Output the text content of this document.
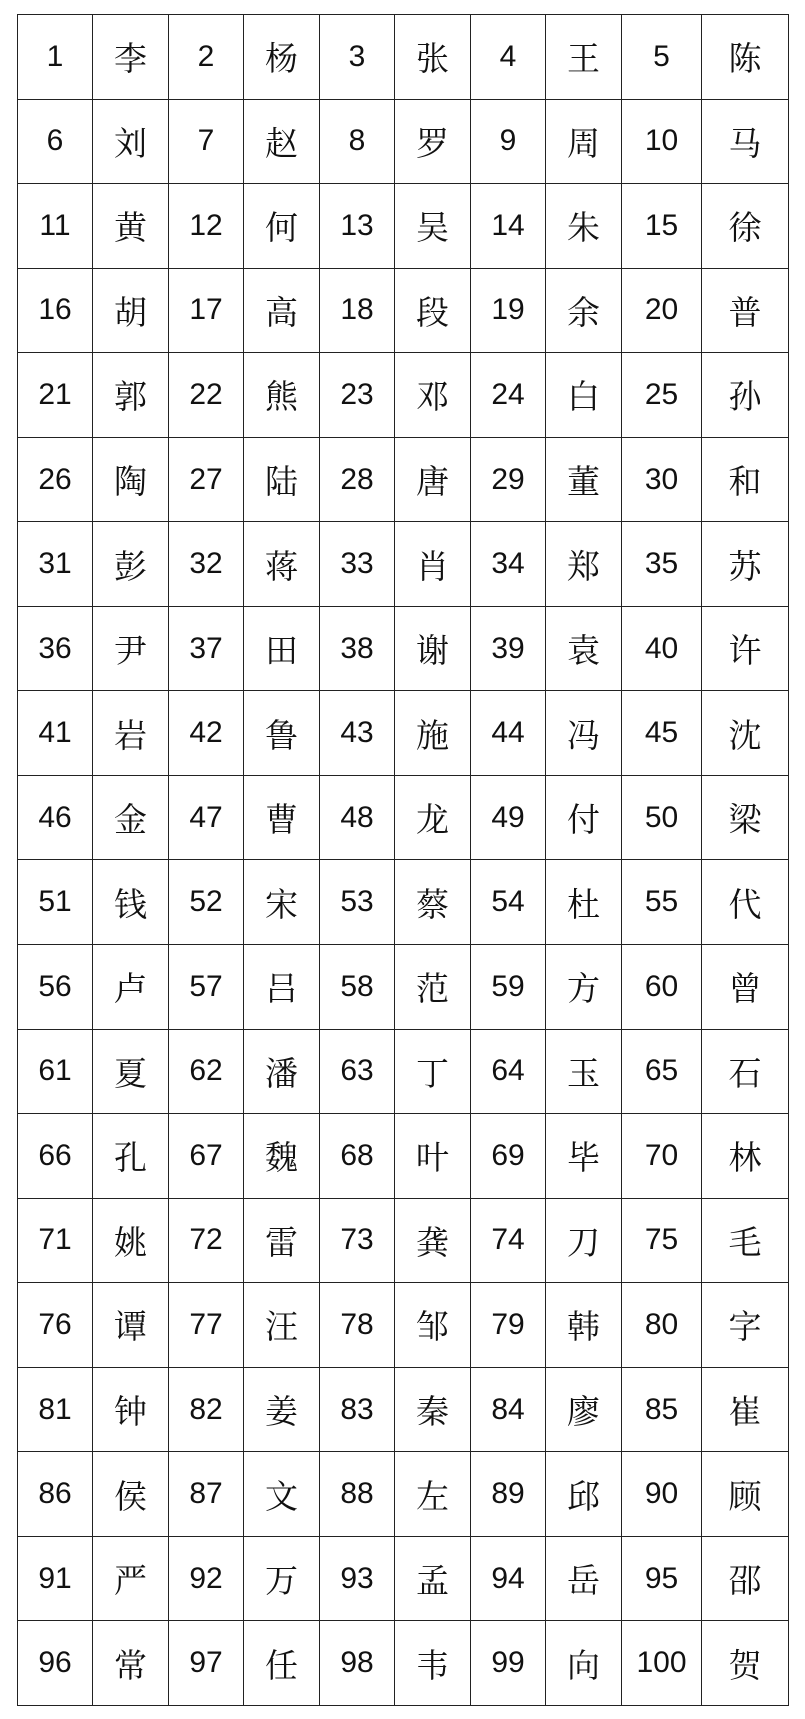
1	李	2	杨	3	张	4	王	5	陈
6	刘	7	赵	8	罗	9	周	10	马
11	黄	12	何	13	吴	14	朱	15	徐
16	胡	17	高	18	段	19	余	20	普
21	郭	22	熊	23	邓	24	白	25	孙
26	陶	27	陆	28	唐	29	董	30	和
31	彭	32	蒋	33	肖	34	郑	35	苏
36	尹	37	田	38	谢	39	袁	40	许
41	岩	42	鲁	43	施	44	冯	45	沈
46	金	47	曹	48	龙	49	付	50	梁
51	钱	52	宋	53	蔡	54	杜	55	代
56	卢	57	吕	58	范	59	方	60	曾
61	夏	62	潘	63	丁	64	玉	65	石
66	孔	67	魏	68	叶	69	毕	70	林
71	姚	72	雷	73	龚	74	刀	75	毛
76	谭	77	汪	78	邹	79	韩	80	字
81	钟	82	姜	83	秦	84	廖	85	崔
86	侯	87	文	88	左	89	邱	90	顾
91	严	92	万	93	孟	94	岳	95	邵
96	常	97	任	98	韦	99	向	100	贺
